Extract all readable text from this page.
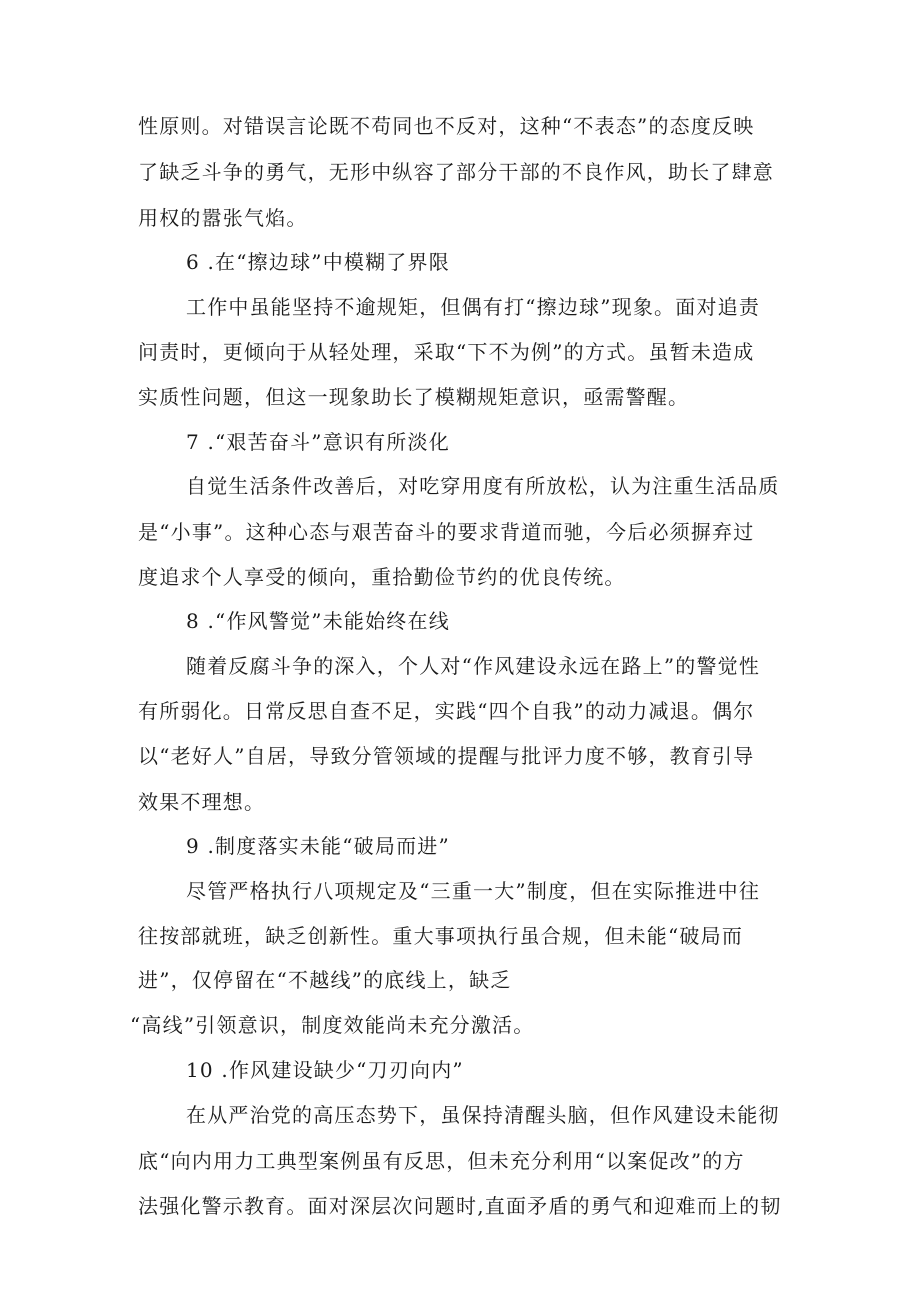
性原则。对错误言论既不苟同也不反对，这种“不表态”的态度反映
了缺乏斗争的勇气，无形中纵容了部分干部的不良作风，助长了肆意
用权的嚣张气焰。
6 .在“擦边球”中模糊了界限
工作中虽能坚持不逾规矩，但偶有打“擦边球”现象。面对追责
问责时，更倾向于从轻处理，采取“下不为例”的方式。虽暂未造成
实质性问题，但这一现象助长了模糊规矩意识，亟需警醒。
7 .“艰苦奋斗”意识有所淡化
自觉生活条件改善后，对吃穿用度有所放松，认为注重生活品质
是“小事”。这种心态与艰苦奋斗的要求背道而驰，今后必须摒弃过
度追求个人享受的倾向，重拾勤俭节约的优良传统。
8 .“作风警觉”未能始终在线
随着反腐斗争的深入，个人对“作风建设永远在路上”的警觉性
有所弱化。日常反思自查不足，实践“四个自我”的动力减退。偶尔
以“老好人”自居，导致分管领域的提醒与批评力度不够，教育引导
效果不理想。
9 .制度落实未能“破局而进”
尽管严格执行八项规定及“三重一大”制度，但在实际推进中往
往按部就班，缺乏创新性。重大事项执行虽合规，但未能“破局而
进”，仅停留在“不越线”的底线上，缺乏
“高线”引领意识，制度效能尚未充分激活。
10 .作风建设缺少“刀刃向内”
在从严治党的高压态势下，虽保持清醒头脑，但作风建设未能彻
底“向内用力工典型案例虽有反思，但未充分利用“以案促改”的方
法强化警示教育。面对深层次问题时,直面矛盾的勇气和迎难而上的韧
